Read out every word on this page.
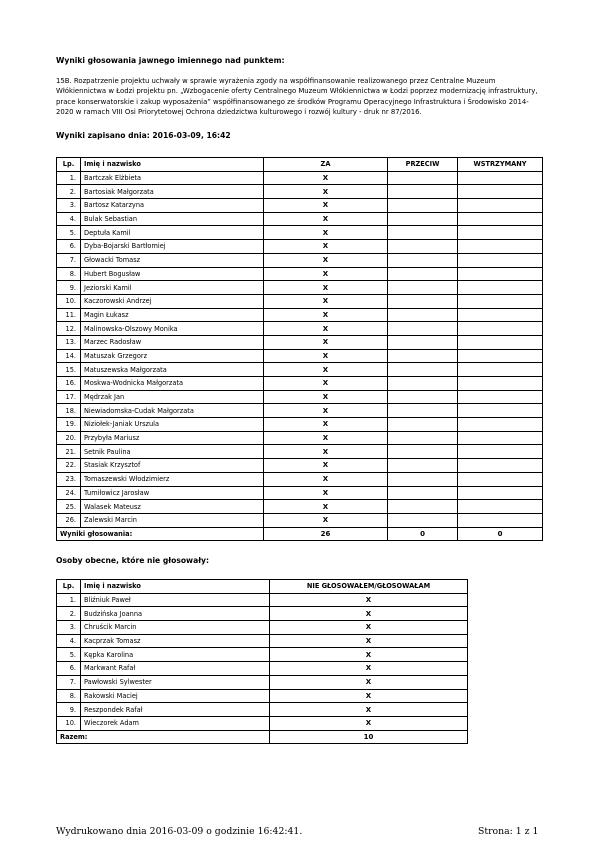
Wyniki głosowania jawnego imiennego nad punktem:
15B. Rozpatrzenie projektu uchwały w sprawie wyrażenia zgody na współfinansowanie realizowanego przez Centralne Muzeum Włókiennictwa w Łodzi projektu pn. „Wzbogacenie oferty Centralnego Muzeum Włókiennictwa w Łodzi poprzez modernizację infrastruktury, prace konserwatorskie i zakup wyposażenia” współfinansowanego ze środków Programu Operacyjnego Infrastruktura i Środowisko 2014-2020 w ramach VIII Osi Priorytetowej Ochrona dziedzictwa kulturowego i rozwój kultury - druk nr 87/2016.
Wyniki zapisano dnia: 2016-03-09, 16:42
Lp.	Imię i nazwisko	ZA	PRZECIW	WSTRZYMANY
1.	Bartczak Elżbieta	X		
2.	Bartosiak Małgorzata	X		
3.	Bartosz Katarzyna	X		
4.	Bulak Sebastian	X		
5.	Deptuła Kamil	X		
6.	Dyba-Bojarski Bartłomiej	X		
7.	Głowacki Tomasz	X		
8.	Hubert Bogusław	X		
9.	Jeziorski Kamil	X		
10.	Kaczorowski Andrzej	X		
11.	Magin Łukasz	X		
12.	Malinowska-Olszowy Monika	X		
13.	Marzec Radosław	X		
14.	Matuszak Grzegorz	X		
15.	Matuszewska Małgorzata	X		
16.	Moskwa-Wodnicka Małgorzata	X		
17.	Mędrzak Jan	X		
18.	Niewiadomska-Cudak Małgorzata	X		
19.	Niziołek-Janiak Urszula	X		
20.	Przybyła Mariusz	X		
21.	Setnik Paulina	X		
22.	Stasiak Krzysztof	X		
23.	Tomaszewski Włodzimierz	X		
24.	Tumiłowicz Jarosław	X		
25.	Walasek Mateusz	X		
26.	Zalewski Marcin	X		
Wyniki głosowania:		26	0	0
Osoby obecne, które nie głosowały:
Lp.	Imię i nazwisko	NIE GŁOSOWAŁEM/GŁOSOWAŁAM
1.	Bliźniuk Paweł	X
2.	Budzińska Joanna	X
3.	Chruścik Marcin	X
4.	Kacprzak Tomasz	X
5.	Kępka Karolina	X
6.	Markwant Rafał	X
7.	Pawłowski Sylwester	X
8.	Rakowski Maciej	X
9.	Reszpondek Rafał	X
10.	Wieczorek Adam	X
Razem:		10
Wydrukowano dnia 2016-03-09 o godzinie 16:42:41.	Strona: 1 z 1
